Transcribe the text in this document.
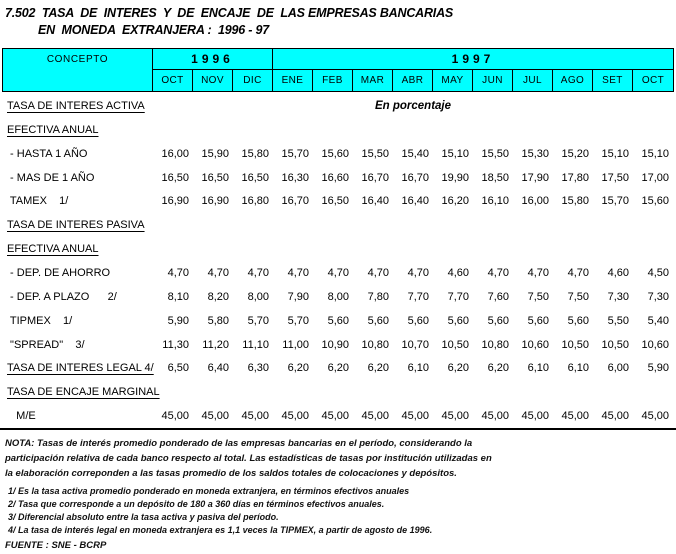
7.502  TASA  DE  INTERES  Y  DE  ENCAJE  DE  LAS EMPRESAS BANCARIAS
EN  MONEDA  EXTRANJERA :  1996 - 97
CONCEPTO	1996	1997
OCT	NOV	DIC	ENE	FEB	MAR	ABR	MAY	JUN	JUL	AGO	SET	OCT
TASA DE INTERES ACTIVA	En porcentaje
EFECTIVA ANUAL
- HASTA 1 AÑO	16,00	15,90	15,80	15,70	15,60	15,50	15,40	15,10	15,50	15,30	15,20	15,10	15,10
- MAS DE 1 AÑO	16,50	16,50	16,50	16,30	16,60	16,70	16,70	19,90	18,50	17,90	17,80	17,50	17,00
TAMEX    1/	16,90	16,90	16,80	16,70	16,50	16,40	16,40	16,20	16,10	16,00	15,80	15,70	15,60
TASA DE INTERES PASIVA
EFECTIVA ANUAL
- DEP. DE AHORRO	4,70	4,70	4,70	4,70	4,70	4,70	4,70	4,60	4,70	4,70	4,70	4,60	4,50
- DEP. A PLAZO      2/	8,10	8,20	8,00	7,90	8,00	7,80	7,70	7,70	7,60	7,50	7,50	7,30	7,30
TIPMEX    1/	5,90	5,80	5,70	5,70	5,60	5,60	5,60	5,60	5,60	5,60	5,60	5,50	5,40
"SPREAD"    3/	11,30	11,20	11,10	11,00	10,90	10,80	10,70	10,50	10,80	10,60	10,50	10,50	10,60
TASA DE INTERES LEGAL 4/	6,50	6,40	6,30	6,20	6,20	6,20	6,10	6,20	6,20	6,10	6,10	6,00	5,90
TASA DE ENCAJE MARGINAL
M/E	45,00	45,00	45,00	45,00	45,00	45,00	45,00	45,00	45,00	45,00	45,00	45,00	45,00
NOTA: Tasas de interés promedio ponderado de las empresas bancarias en el período, considerando la
participación relativa de cada banco respecto al total. Las estadísticas de tasas por institución utilizadas en
la elaboración correponden a las tasas promedio de los saldos totales de colocaciones y depósitos.
1/ Es la tasa activa promedio ponderado en moneda extranjera, en términos efectivos anuales
2/ Tasa que corresponde a un depósito de 180 a 360 días en términos efectivos anuales.
3/ Diferencial absoluto entre la tasa activa y pasiva del período.
4/ La tasa de interés legal en moneda extranjera es 1,1 veces la TIPMEX, a partir de agosto de 1996.
FUENTE : SNE - BCRP
